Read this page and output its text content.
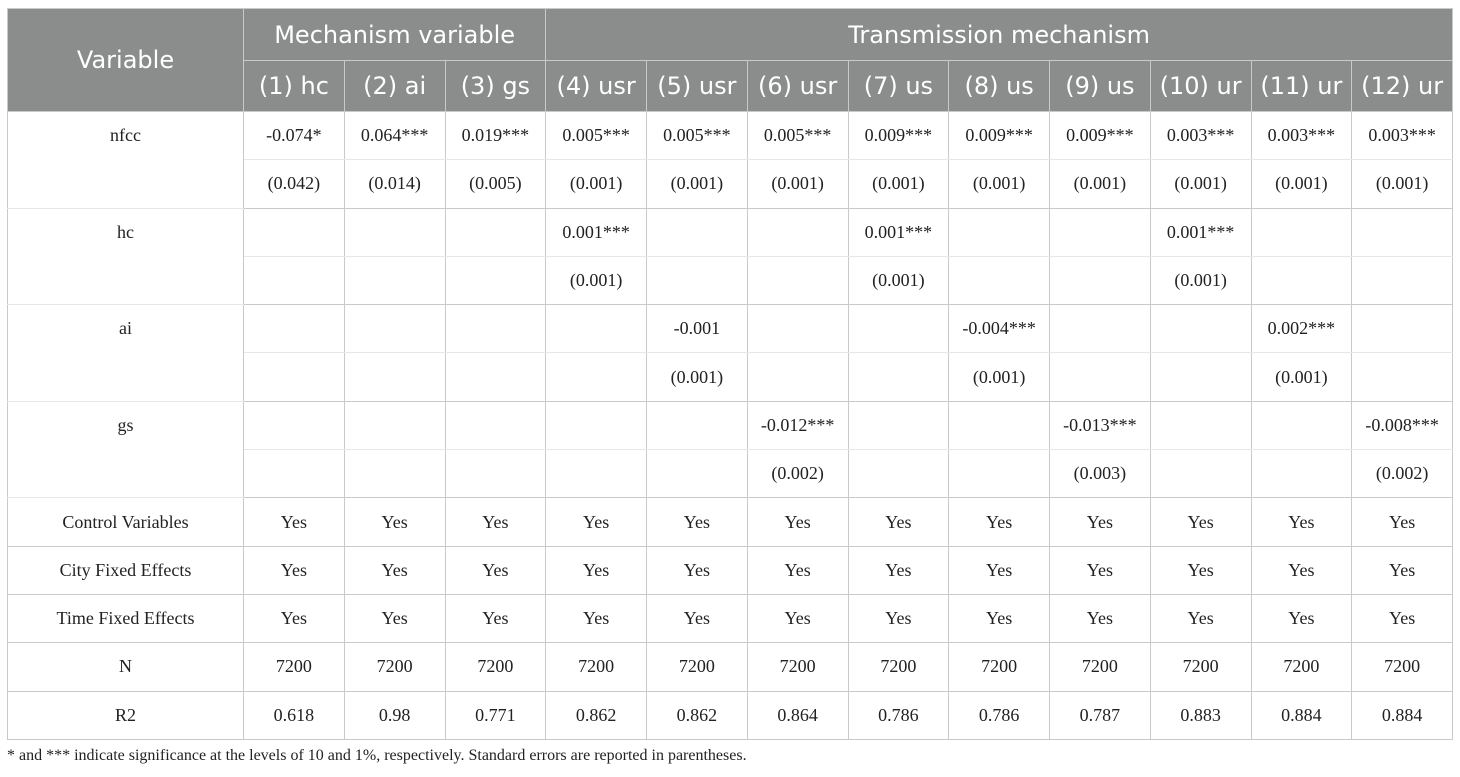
Variable	Mechanism variable			Transmission mechanism								
	(1) hc	(2) ai	(3) gs	(4) usr	(5) usr	(6) usr	(7) us	(8) us	(9) us	(10) ur	(11) ur	(12) ur
nfcc	-0.074*	0.064***	0.019***	0.005***	0.005***	0.005***	0.009***	0.009***	0.009***	0.003***	0.003***	0.003***
	(0.042)	(0.014)	(0.005)	(0.001)	(0.001)	(0.001)	(0.001)	(0.001)	(0.001)	(0.001)	(0.001)	(0.001)
hc				0.001***			0.001***			0.001***		
				(0.001)			(0.001)			(0.001)		
ai					-0.001			-0.004***			0.002***	
					(0.001)			(0.001)			(0.001)	
gs						-0.012***			-0.013***			-0.008***
						(0.002)			(0.003)			(0.002)
Control Variables	Yes	Yes	Yes	Yes	Yes	Yes	Yes	Yes	Yes	Yes	Yes	Yes
City Fixed Effects	Yes	Yes	Yes	Yes	Yes	Yes	Yes	Yes	Yes	Yes	Yes	Yes
Time Fixed Effects	Yes	Yes	Yes	Yes	Yes	Yes	Yes	Yes	Yes	Yes	Yes	Yes
N	7200	7200	7200	7200	7200	7200	7200	7200	7200	7200	7200	7200
R2	0.618	0.98	0.771	0.862	0.862	0.864	0.786	0.786	0.787	0.883	0.884	0.884
* and *** indicate significance at the levels of 10 and 1%, respectively. Standard errors are reported in parentheses.
